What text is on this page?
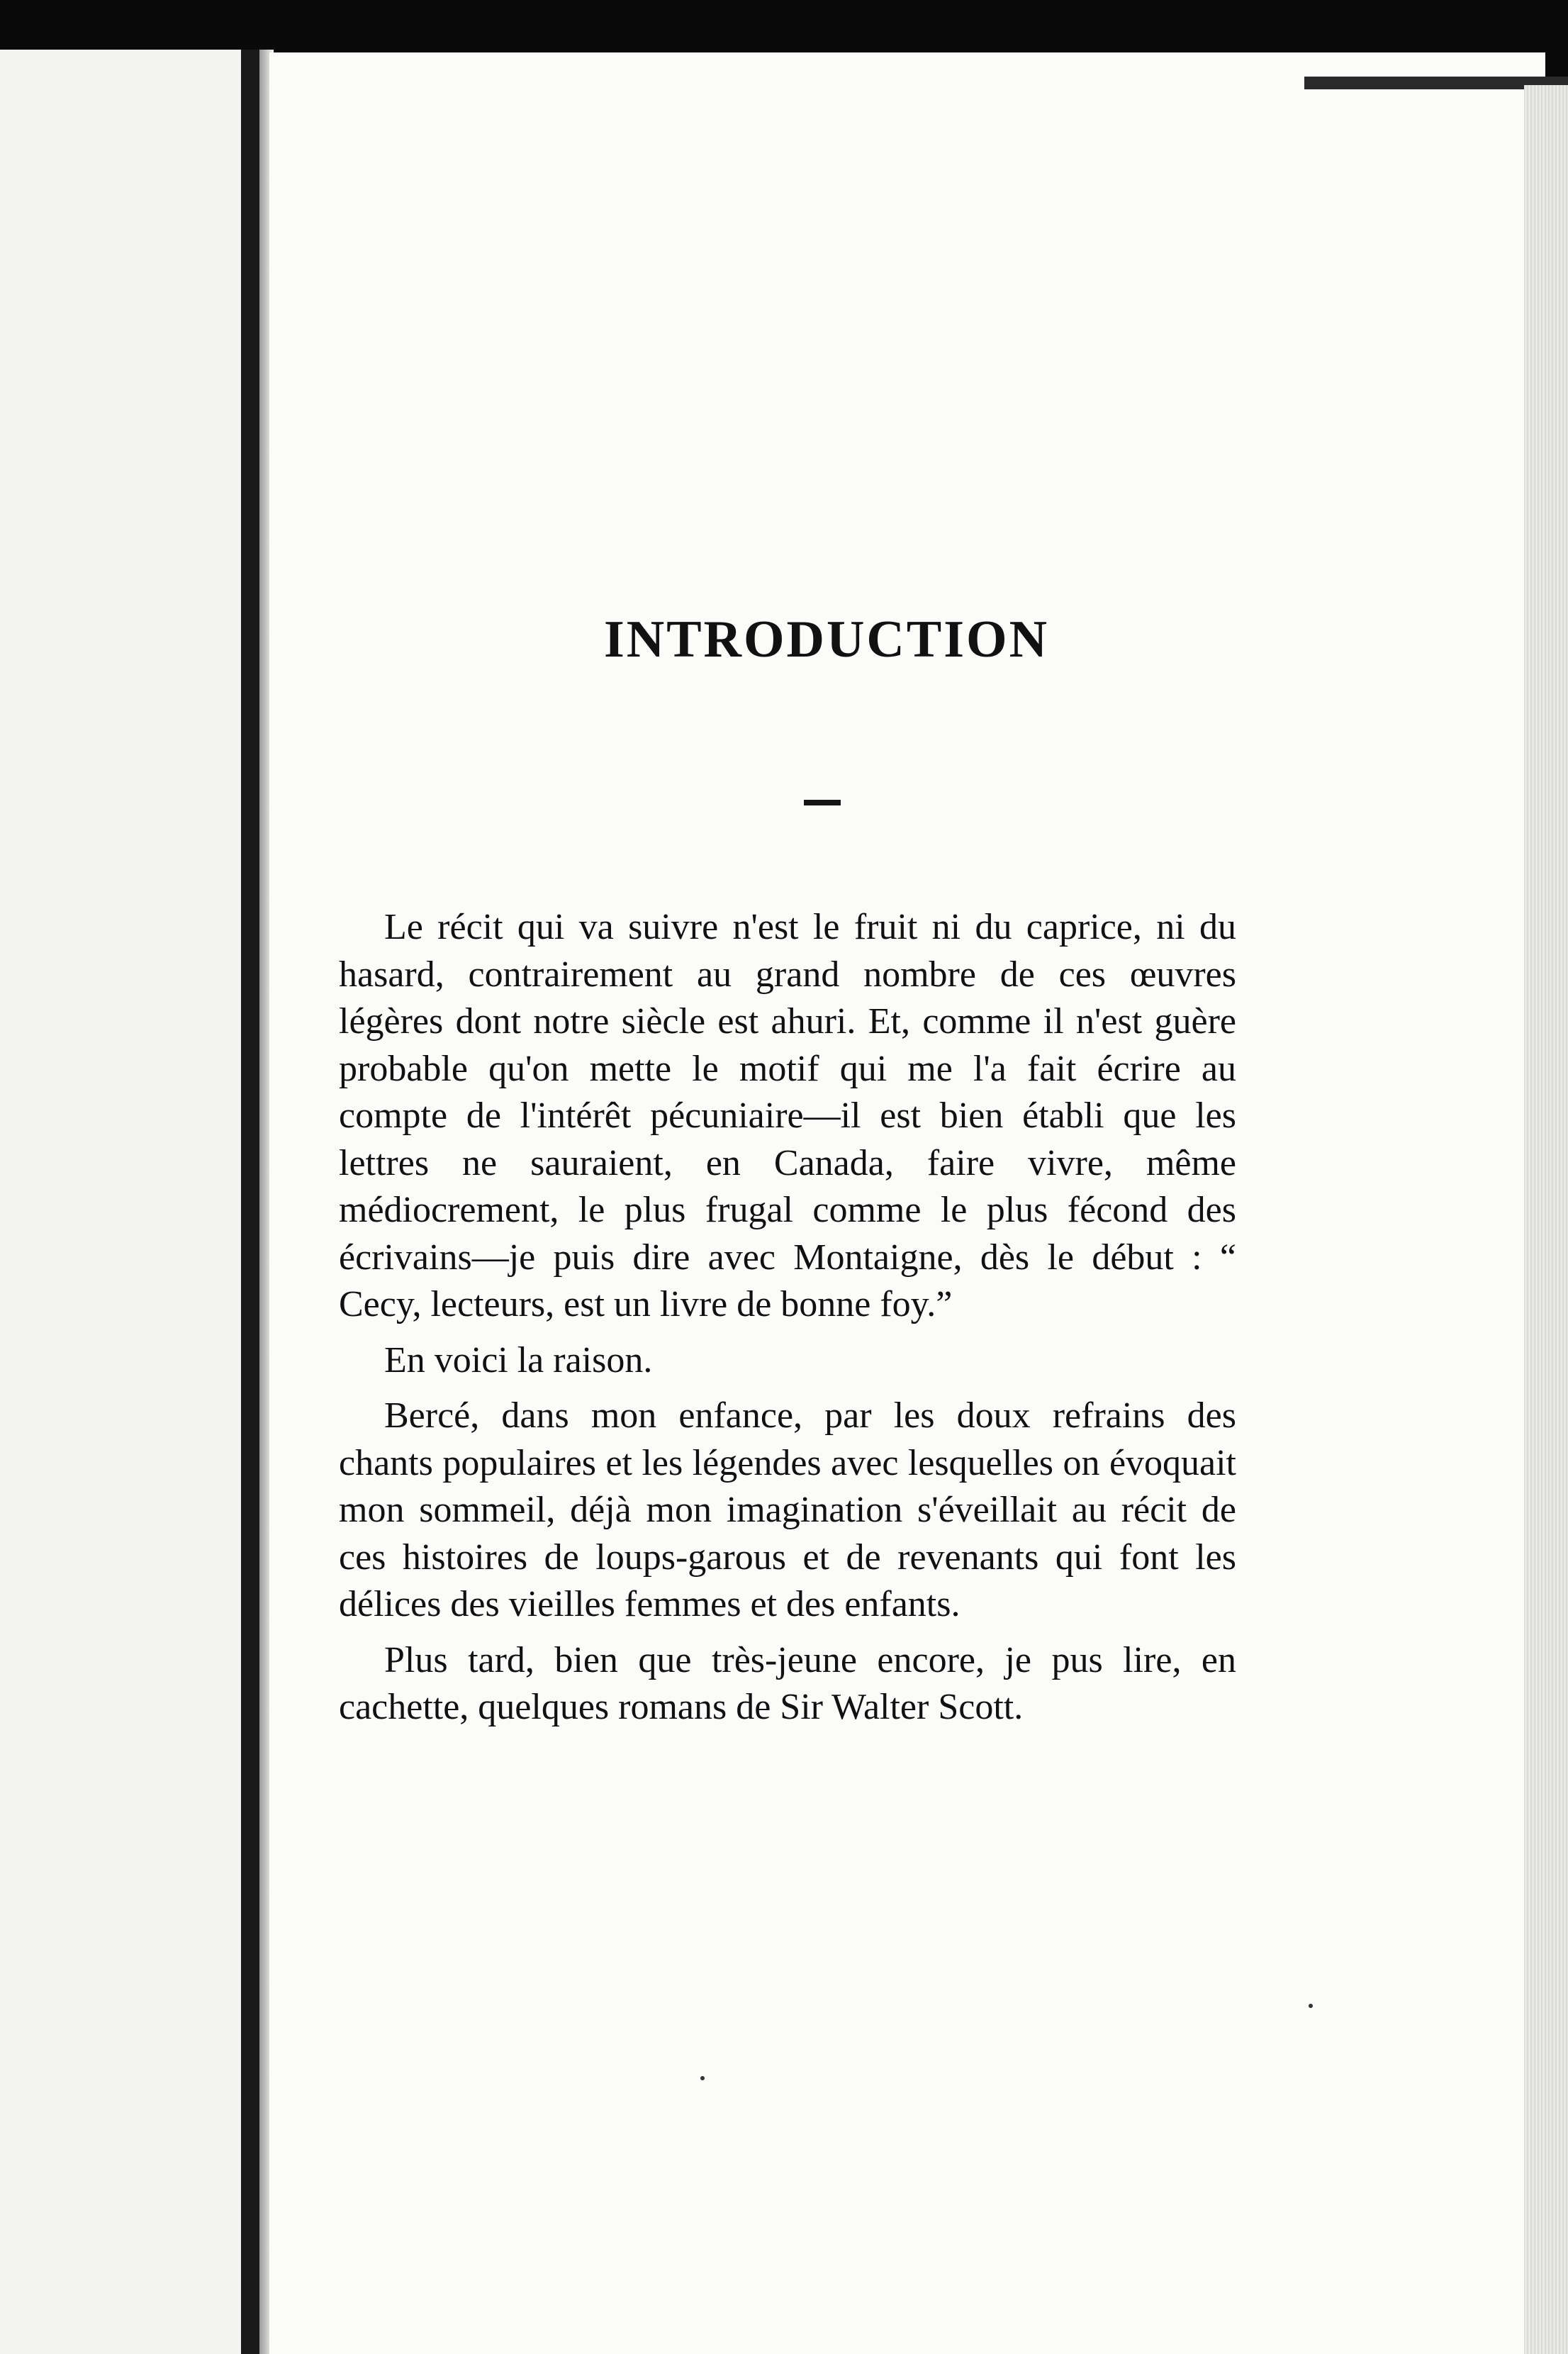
INTRODUCTION

Le récit qui va suivre n'est le fruit ni du caprice, ni du hasard, contrairement au grand nombre de ces œuvres légères dont notre siècle est ahuri. Et, comme il n'est guère probable qu'on mette le motif qui me l'a fait écrire au compte de l'intérêt pécuniaire—il est bien établi que les lettres ne sauraient, en Canada, faire vivre, même médiocrement, le plus frugal comme le plus fécond des écrivains—je puis dire avec Montaigne, dès le début : “ Cecy, lecteurs, est un livre de bonne foy.”

En voici la raison.

Bercé, dans mon enfance, par les doux refrains des chants populaires et les légendes avec lesquelles on évoquait mon sommeil, déjà mon imagination s'éveillait au récit de ces histoires de loups-garous et de revenants qui font les délices des vieilles femmes et des enfants.

Plus tard, bien que très-jeune encore, je pus lire, en cachette, quelques romans de Sir Walter Scott.
